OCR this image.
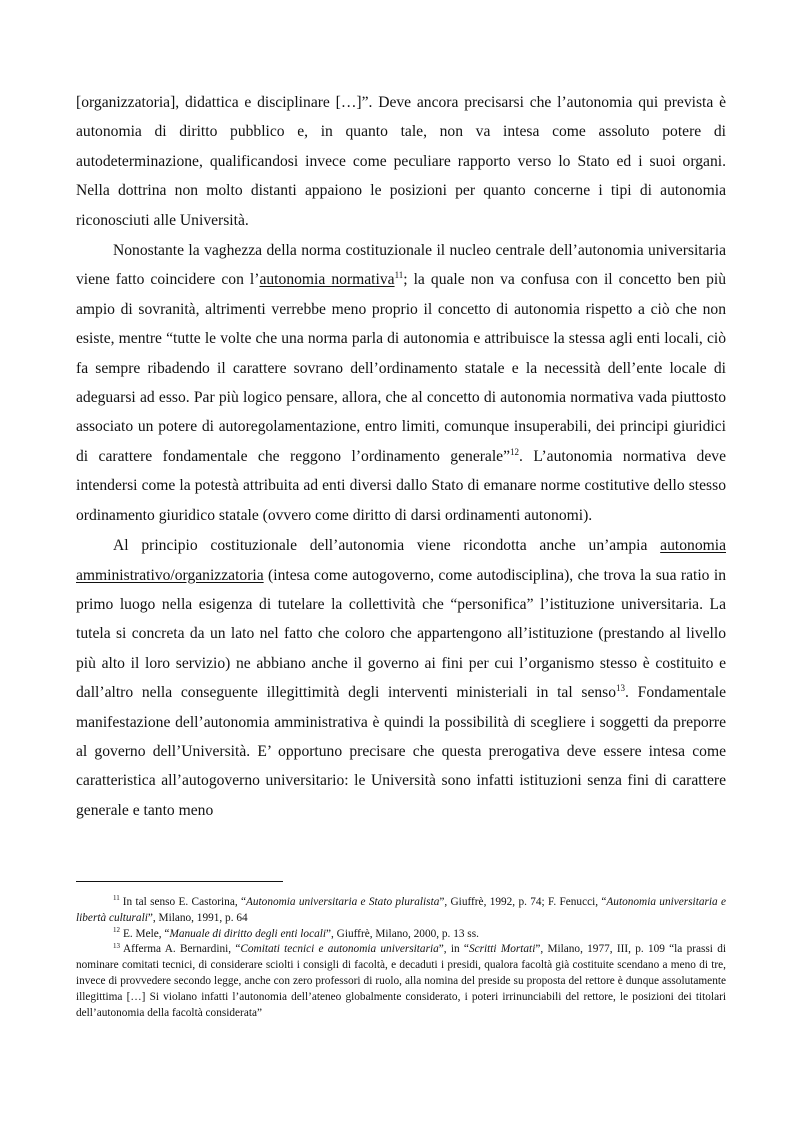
[organizzatoria], didattica e disciplinare […]”. Deve ancora precisarsi che l’autonomia qui prevista è autonomia di diritto pubblico e, in quanto tale, non va intesa come assoluto potere di autodeterminazione, qualificandosi invece come peculiare rapporto verso lo Stato ed i suoi organi. Nella dottrina non molto distanti appaiono le posizioni per quanto concerne i tipi di autonomia riconosciuti alle Università.

Nonostante la vaghezza della norma costituzionale il nucleo centrale dell’autonomia universitaria viene fatto coincidere con l’autonomia normativa$^{11}$; la quale non va confusa con il concetto ben più ampio di sovranità, altrimenti verrebbe meno proprio il concetto di autonomia rispetto a ciò che non esiste, mentre “tutte le volte che una norma parla di autonomia e attribuisce la stessa agli enti locali, ciò fa sempre ribadendo il carattere sovrano dell’ordinamento statale e la necessità dell’ente locale di adeguarsi ad esso. Par più logico pensare, allora, che al concetto di autonomia normativa vada piuttosto associato un potere di autoregolamentazione, entro limiti, comunque insuperabili, dei principi giuridici di carattere fondamentale che reggono l’ordinamento generale”$^{12}$. L’autonomia normativa deve intendersi come la potestà attribuita ad enti diversi dallo Stato di emanare norme costitutive dello stesso ordinamento giuridico statale (ovvero come diritto di darsi ordinamenti autonomi).

Al principio costituzionale dell’autonomia viene ricondotta anche un’ampia autonomia amministrativo/organizzatoria (intesa come autogoverno, come autodisciplina), che trova la sua ratio in primo luogo nella esigenza di tutelare la collettività che “personifica” l’istituzione universitaria. La tutela si concreta da un lato nel fatto che coloro che appartengono all’istituzione (prestando al livello più alto il loro servizio) ne abbiano anche il governo ai fini per cui l’organismo stesso è costituito e dall’altro nella conseguente illegittimità degli interventi ministeriali in tal senso$^{13}$. Fondamentale manifestazione dell’autonomia amministrativa è quindi la possibilità di scegliere i soggetti da preporre al governo dell’Università. E’ opportuno precisare che questa prerogativa deve essere intesa come caratteristica all’autogoverno universitario: le Università sono infatti istituzioni senza fini di carattere generale e tanto meno

$^{11}$ In tal senso E. Castorina, “Autonomia universitaria e Stato pluralista”, Giuffrè, 1992, p. 74; F. Fenucci, “Autonomia universitaria e libertà culturali”, Milano, 1991, p. 64

$^{12}$ E. Mele, “Manuale di diritto degli enti locali”, Giuffrè, Milano, 2000, p. 13 ss.

$^{13}$ Afferma A. Bernardini, “Comitati tecnici e autonomia universitaria”, in “Scritti Mortati”, Milano, 1977, III, p. 109 “la prassi di nominare comitati tecnici, di considerare sciolti i consigli di facoltà, e decaduti i presidi, qualora facoltà già costituite scendano a meno di tre, invece di provvedere secondo legge, anche con zero professori di ruolo, alla nomina del preside su proposta del rettore è dunque assolutamente illegittima […] Si violano infatti l’autonomia dell’ateneo globalmente considerato, i poteri irrinunciabili del rettore, le posizioni dei titolari dell’autonomia della facoltà considerata”
